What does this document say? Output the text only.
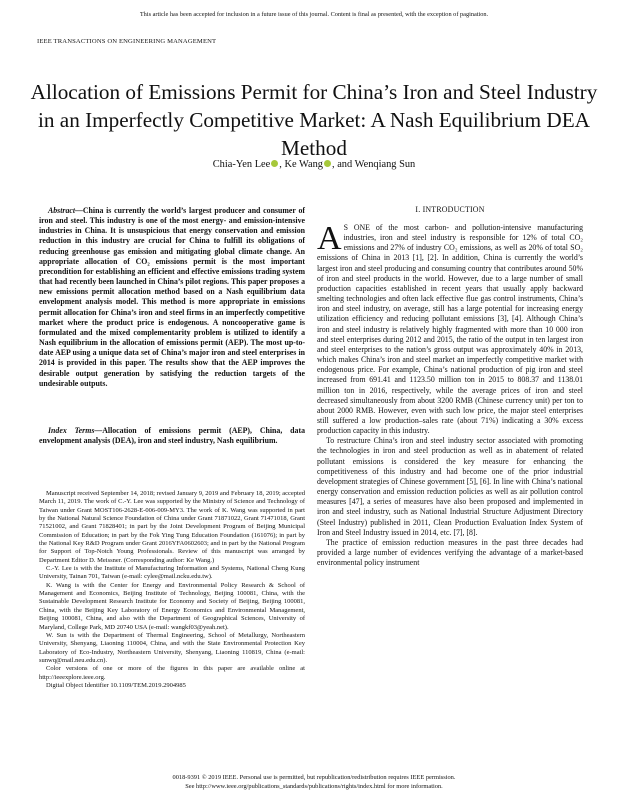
This article has been accepted for inclusion in a future issue of this journal. Content is final as presented, with the exception of pagination.
IEEE TRANSACTIONS ON ENGINEERING MANAGEMENT
Allocation of Emissions Permit for China’s Iron and Steel Industry in an Imperfectly Competitive Market: A Nash Equilibrium DEA Method
Chia-Yen Lee , Ke Wang , and Wenqiang Sun

Abstract—China is currently the world’s largest producer and consumer of iron and steel. This industry is one of the most energy- and emission-intensive industries in China. It is unsuspicious that energy conservation and emission reduction in this industry are crucial for China to fulfill its obligations of reducing greenhouse gas emission and mitigating global climate change. An appropriate allocation of CO₂ emissions permit is the most important precondition for establishing an efficient and effective emissions trading system that had recently been launched in China’s pilot regions. This paper proposes a new emissions permit allocation method based on a Nash equilibrium data envelopment analysis model. This method is more appropriate in emissions permit allocation for China’s iron and steel firms in an imperfectly competitive market where the product price is endogenous. A noncooperative game is formulated and the mixed complementarity problem is utilized to identify a Nash equilibrium in the allocation of emissions permit (AEP). The most up-to-date AEP using a unique data set of China’s major iron and steel enterprises in 2014 is provided in this paper. The results show that the AEP improves the desirable output generation by satisfying the reduction targets of the undesirable outputs.

Index Terms—Allocation of emissions permit (AEP), China, data envelopment analysis (DEA), iron and steel industry, Nash equilibrium.

Manuscript received September 14, 2018; revised January 9, 2019 and February 18, 2019; accepted March 11, 2019. The work of C.-Y. Lee was supported by the Ministry of Science and Technology of Taiwan under Grant MOST106-2628-E-006-009-MY3. The work of K. Wang was supported in part by the National Natural Science Foundation of China under Grant 71871022, Grant 71471018, Grant 71521002, and Grant 71828401; in part by the Joint Development Program of Beijing Municipal Commission of Education; in part by the Fok Ying Tung Education Foundation (161076); in part by the National Key R&D Program under Grant 2016YFA0602603; and in part by the National Program for Support of Top-Notch Young Professionals. Review of this manuscript was arranged by Department Editor D. Meissner. (Corresponding author: Ke Wang.)

C.-Y. Lee is with the Institute of Manufacturing Information and Systems, National Cheng Kung University, Tainan 701, Taiwan (e-mail: cylee@mail.ncku.edu.tw).

K. Wang is with the Center for Energy and Environmental Policy Research & School of Management and Economics, Beijing Institute of Technology, Beijing 100081, China, with the Sustainable Development Research Institute for Economy and Society of Beijing, Beijing 100081, China, with the Beijing Key Laboratory of Energy Economics and Environmental Management, Beijing 100081, China, and also with the Department of Geographical Sciences, University of Maryland, College Park, MD 20740 USA (e-mail: wangkf03@yeah.net).

W. Sun is with the Department of Thermal Engineering, School of Metallurgy, Northeastern University, Shenyang, Liaoning 110004, China, and with the State Environmental Protection Key Laboratory of Eco-Industry, Northeastern University, Shenyang, Liaoning 110819, China (e-mail: sunwq@mail.neu.edu.cn).

Color versions of one or more of the figures in this paper are available online at http://ieeexplore.ieee.org.

Digital Object Identifier 10.1109/TEM.2019.2904985

I. INTRODUCTION

A S ONE of the most carbon- and pollution-intensive manufacturing industries, iron and steel industry is responsible for 12% of total CO₂ emissions and 27% of industry CO₂ emissions, as well as 20% of total SO₂ emissions of China in 2013 [1], [2]. In addition, China is currently the world’s largest iron and steel producing and consuming country that contributes around 50% of iron and steel products in the world. However, due to a large number of small production capacities established in recent years that usually apply backward smelting technologies and often lack effective flue gas control instruments, China’s iron and steel industry, on average, still has a large potential for increasing energy utilization efficiency and reducing pollutant emissions [3], [4]. Although China’s iron and steel industry is relatively highly fragmented with more than 10 000 iron and steel enterprises during 2012 and 2015, the ratio of the output in ten largest iron and steel enterprises to the nation’s gross output was approximately 40% in 2013, which makes China’s iron and steel market an imperfectly competitive market with endogenous price. For example, China’s national production of pig iron and steel increased from 691.41 and 1123.50 million ton in 2015 to 808.37 and 1138.01 million ton in 2016, respectively, while the average prices of iron and steel decreased simultaneously from about 3200 RMB (Chinese currency unit) per ton to about 2000 RMB. However, even with such low price, the major steel enterprises still suffered a low production–sales rate (about 71%) indicating a 30% excess production capacity in this industry.

To restructure China’s iron and steel industry sector associated with promoting the technologies in iron and steel production as well as in abatement of related pollutant emissions is considered the key measure for enhancing the competitiveness of this industry and had become one of the prior industrial development strategies of Chinese government [5], [6]. In line with China’s national energy conservation and emission reduction policies as well as air pollution control measures [47], a series of measures have also been proposed and implemented in iron and steel industry, such as National Industrial Structure Adjustment Directory (Steel Industry) published in 2011, Clean Production Evaluation Index System of Iron and Steel Industry issued in 2014, etc. [7], [8].

The practice of emission reduction measures in the past three decades had provided a large number of evidences verifying the advantage of a market-based environmental policy instrument

0018-9391 © 2019 IEEE. Personal use is permitted, but republication/redistribution requires IEEE permission.
See http://www.ieee.org/publications_standards/publications/rights/index.html for more information.
